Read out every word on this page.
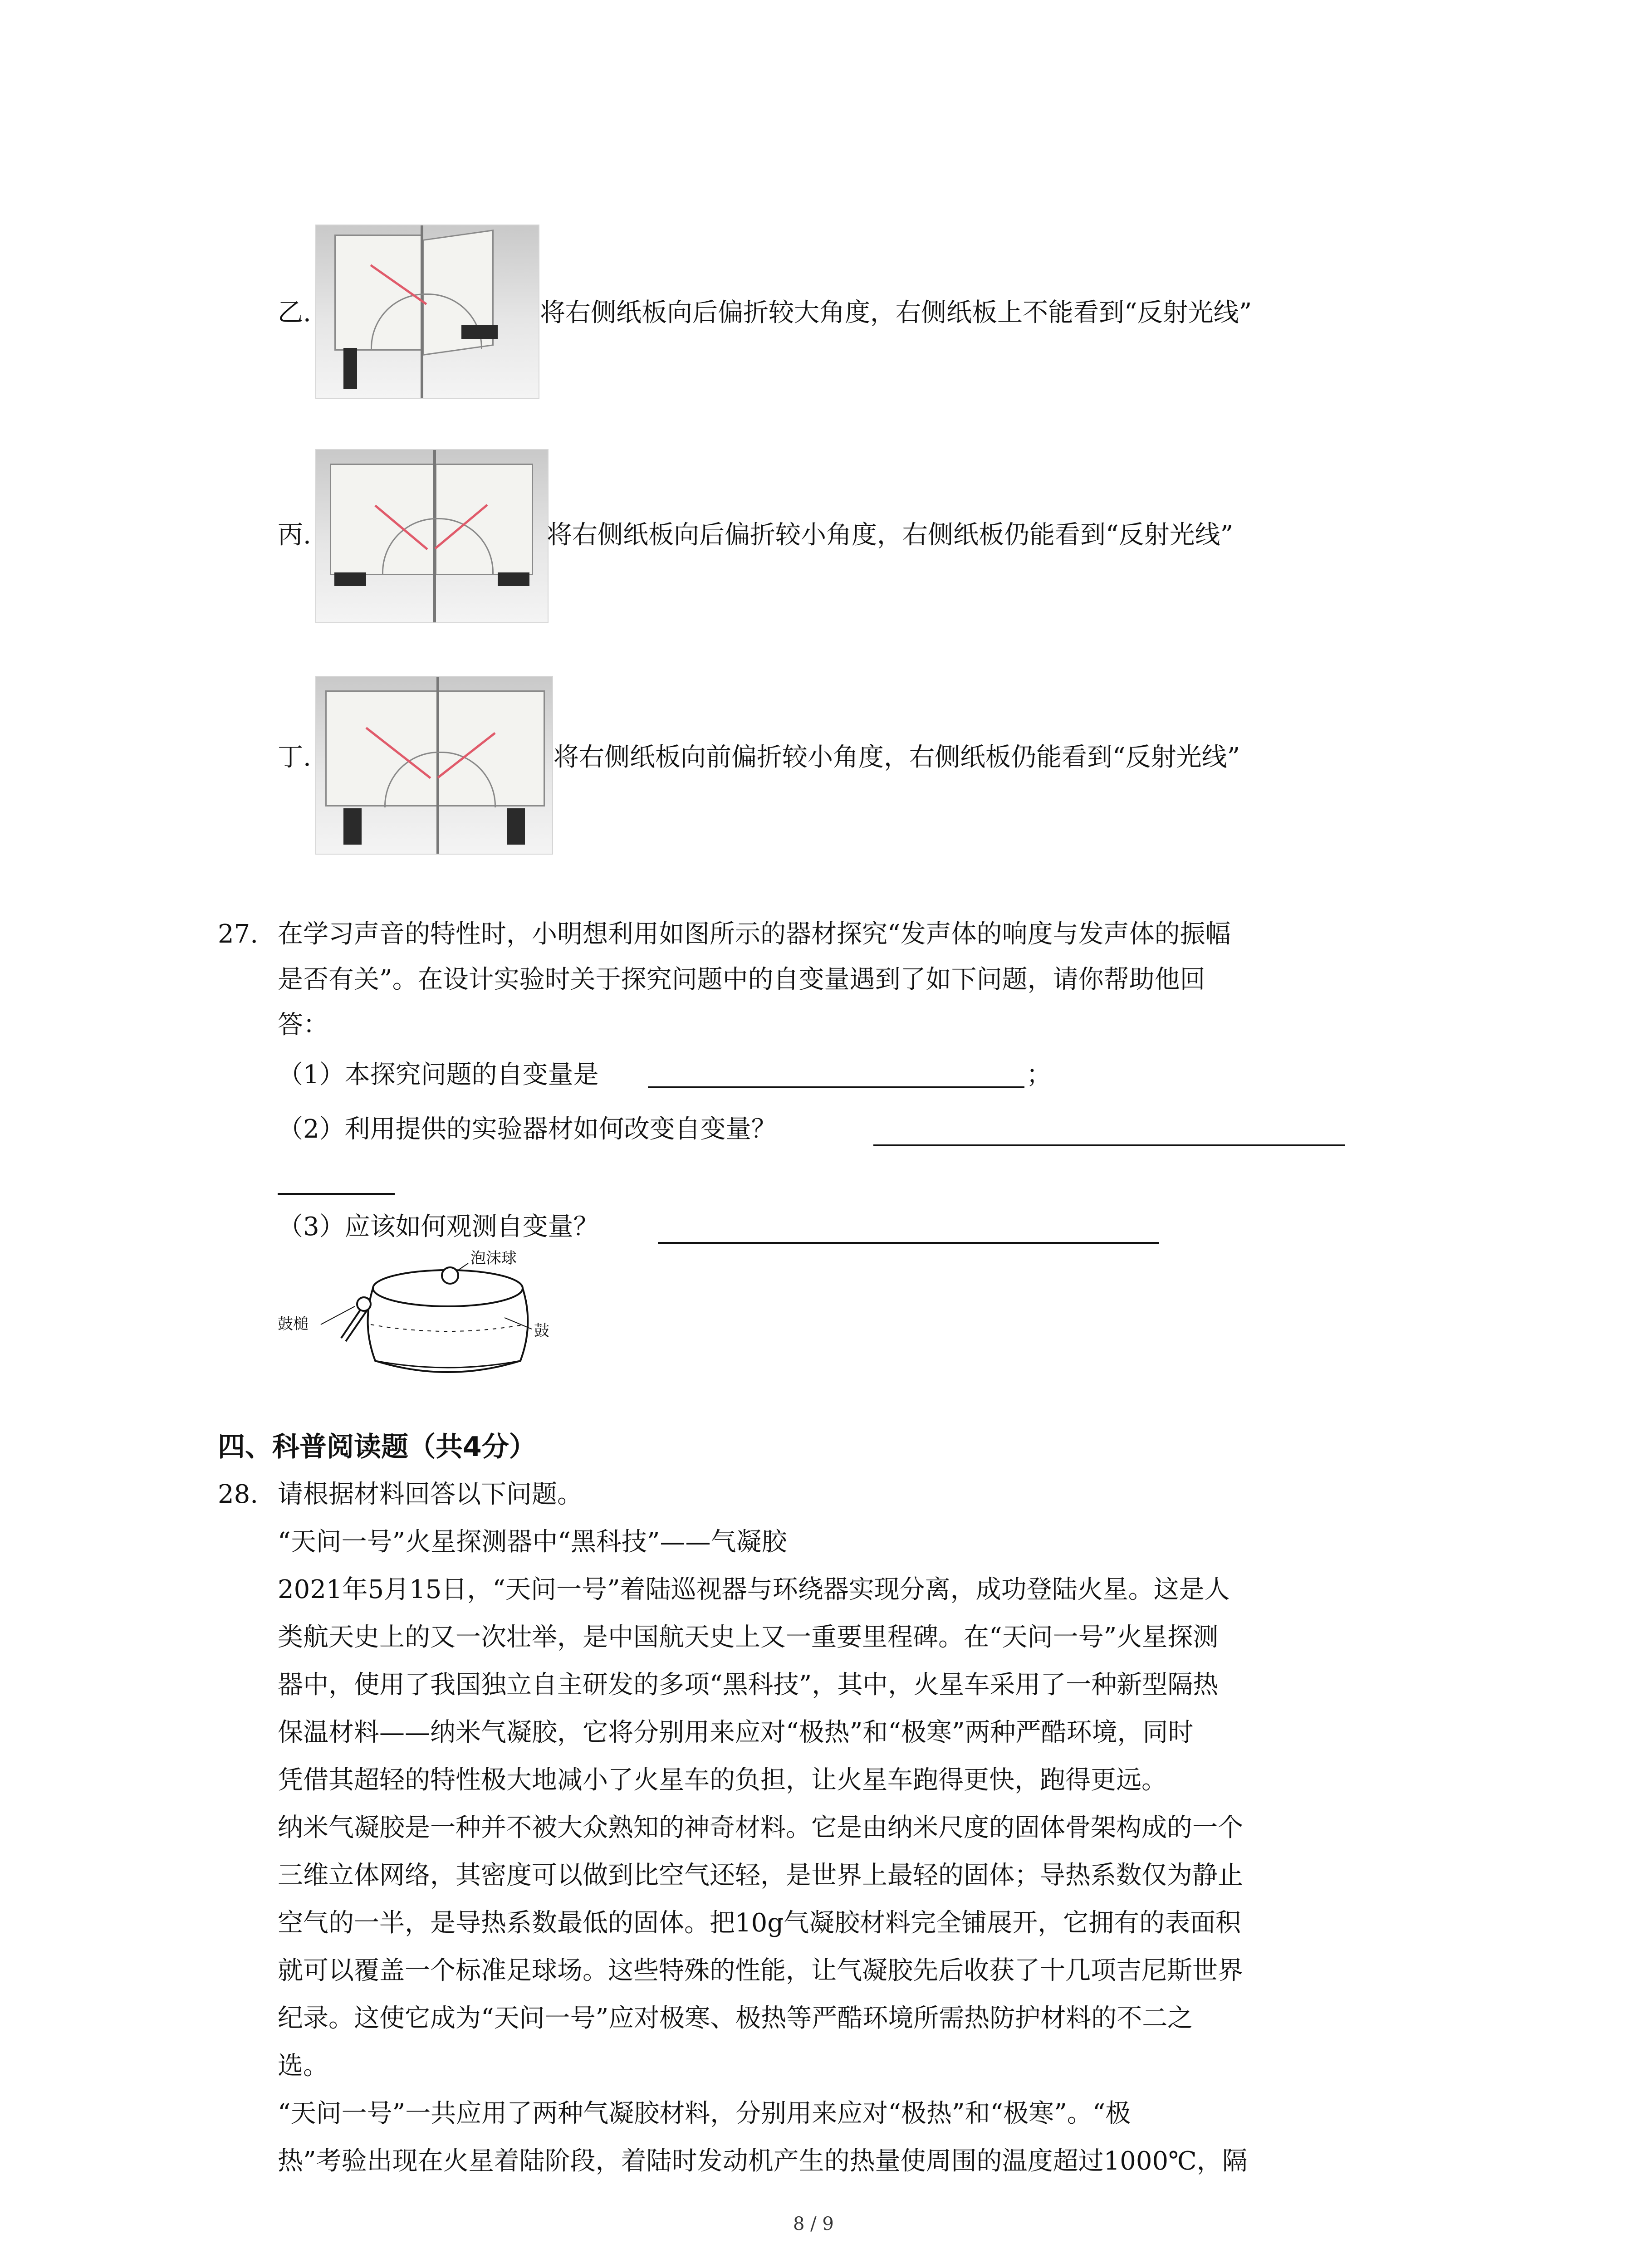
乙.	将右侧纸板向后偏折较大角度，右侧纸板上不能看到“反射光线”
丙.	将右侧纸板向后偏折较小角度，右侧纸板仍能看到“反射光线”
丁.	将右侧纸板向前偏折较小角度，右侧纸板仍能看到“反射光线”
27. 在学习声音的特性时，小明想利用如图所示的器材探究“发声体的响度与发声体的振幅
是否有关”。在设计实验时关于探究问题中的自变量遇到了如下问题，请你帮助他回
答：
（1）本探究问题的自变量是	；
（2）利用提供的实验器材如何改变自变量？
（3）应该如何观测自变量？
泡沫球
鼓槌	鼓
四、科普阅读题（共4分）
28. 请根据材料回答以下问题。
“天问一号”火星探测器中“黑科技”——气凝胶
2021年5月15日，“天问一号”着陆巡视器与环绕器实现分离，成功登陆火星。这是人
类航天史上的又一次壮举，是中国航天史上又一重要里程碑。在“天问一号”火星探测
器中，使用了我国独立自主研发的多项“黑科技”，其中，火星车采用了一种新型隔热
保温材料——纳米气凝胶，它将分别用来应对“极热”和“极寒”两种严酷环境，同时
凭借其超轻的特性极大地减小了火星车的负担，让火星车跑得更快，跑得更远。
纳米气凝胶是一种并不被大众熟知的神奇材料。它是由纳米尺度的固体骨架构成的一个
三维立体网络，其密度可以做到比空气还轻，是世界上最轻的固体；导热系数仅为静止
空气的一半，是导热系数最低的固体。把10g气凝胶材料完全铺展开，它拥有的表面积
就可以覆盖一个标准足球场。这些特殊的性能，让气凝胶先后收获了十几项吉尼斯世界
纪录。这使它成为“天问一号”应对极寒、极热等严酷环境所需热防护材料的不二之
选。
“天问一号”一共应用了两种气凝胶材料，分别用来应对“极热”和“极寒”。“极
热”考验出现在火星着陆阶段，着陆时发动机产生的热量使周围的温度超过1000℃，隔
8 / 9
